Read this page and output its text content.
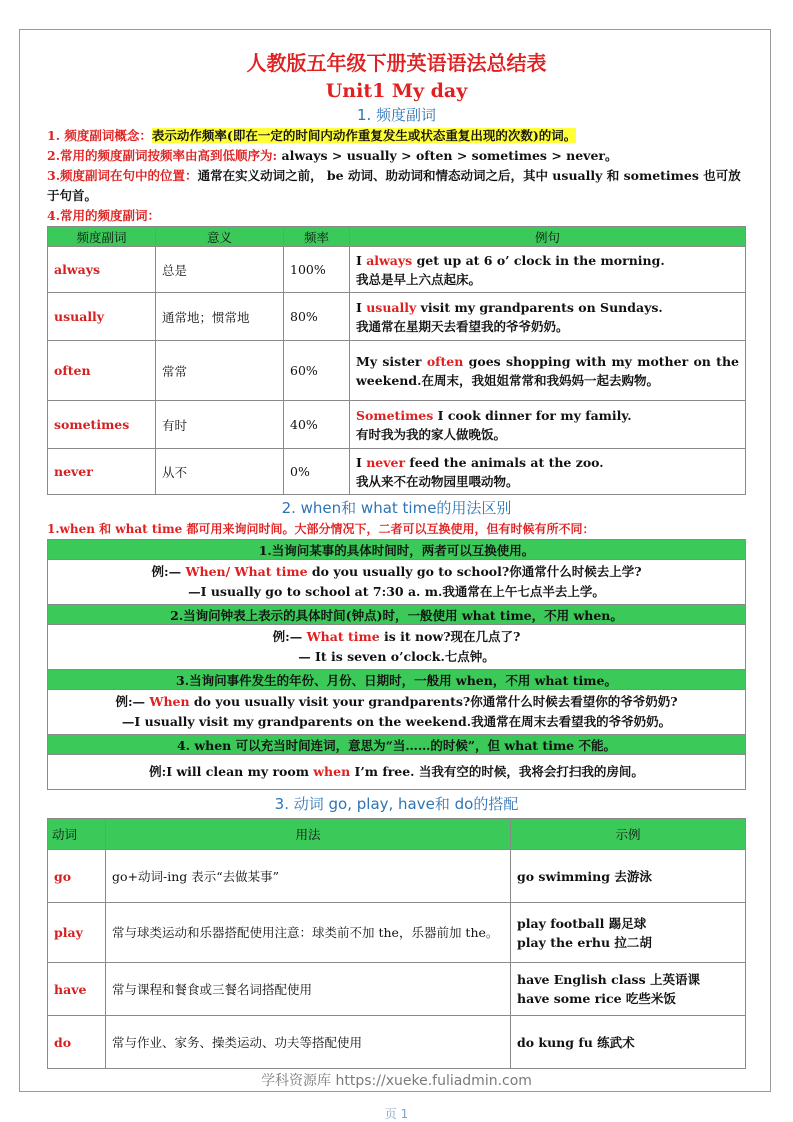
人教版五年级下册英语语法总结表
Unit1 My day
1. 频度副词
1. 频度副词概念：表示动作频率(即在一定的时间内动作重复发生或状态重复出现的次数)的词。
2.常用的频度副词按频率由高到低顺序为: always > usually > often > sometimes > never。
3.频度副词在句中的位置：通常在实义动词之前， be 动词、助动词和情态动词之后，其中 usually 和 sometimes 也可放于句首。
4.常用的频度副词：
频度副词	意义	频率	例句
always	总是	100%	I always get up at 6 o’ clock in the morning.
我总是早上六点起床。

usually	通常地；惯常地	80%	I usually visit my grandparents on Sundays.
我通常在星期天去看望我的爷爷奶奶。

often	常常	60%	My sister often goes shopping with my mother on the weekend.在周末，我姐姐常常和我妈妈一起去购物。

sometimes	有时	40%	Sometimes I cook dinner for my family.
有时我为我的家人做晚饭。

never	从不	0%	I never feed the animals at the zoo.
我从来不在动物园里喂动物。
2. when和 what time的用法区别
1.when 和 what time 都可用来询问时间。大部分情况下，二者可以互换使用，但有时候有所不同：
1.当询问某事的具体时间时，两者可以互换使用。

例:— When/ What time do you usually go to school?你通常什么时候去上学?
—I usually go to school at 7:30 a. m.我通常在上午七点半去上学。

2.当询问钟表上表示的具体时间(钟点)时，一般使用 what time，不用 when。

例:— What time is it now?现在几点了?
— It is seven o’clock.七点钟。

3.当询问事件发生的年份、月份、日期时，一般用 when，不用 what time。

例:— When do you usually visit your grandparents?你通常什么时候去看望你的爷爷奶奶?
—I usually visit my grandparents on the weekend.我通常在周末去看望我的爷爷奶奶。

4. when 可以充当时间连词，意思为“当……的时候”，但 what time 不能。

例:I will clean my room when I’m free. 当我有空的时候，我将会打扫我的房间。
3. 动词 go, play, have和 do的搭配
动词	用法	示例
go	go+动词-ing 表示“去做某事”	go swimming 去游泳

play	常与球类运动和乐器搭配使用注意：球类前不加 the，乐器前加 the。	play football 踢足球
play the erhu 拉二胡

have	常与课程和餐食或三餐名词搭配使用	have English class 上英语课
have some rice 吃些米饭

do	常与作业、家务、操类运动、功夫等搭配使用	do kung fu 练武术
学科资源库 https://xueke.fuliadmin.com
页 1
